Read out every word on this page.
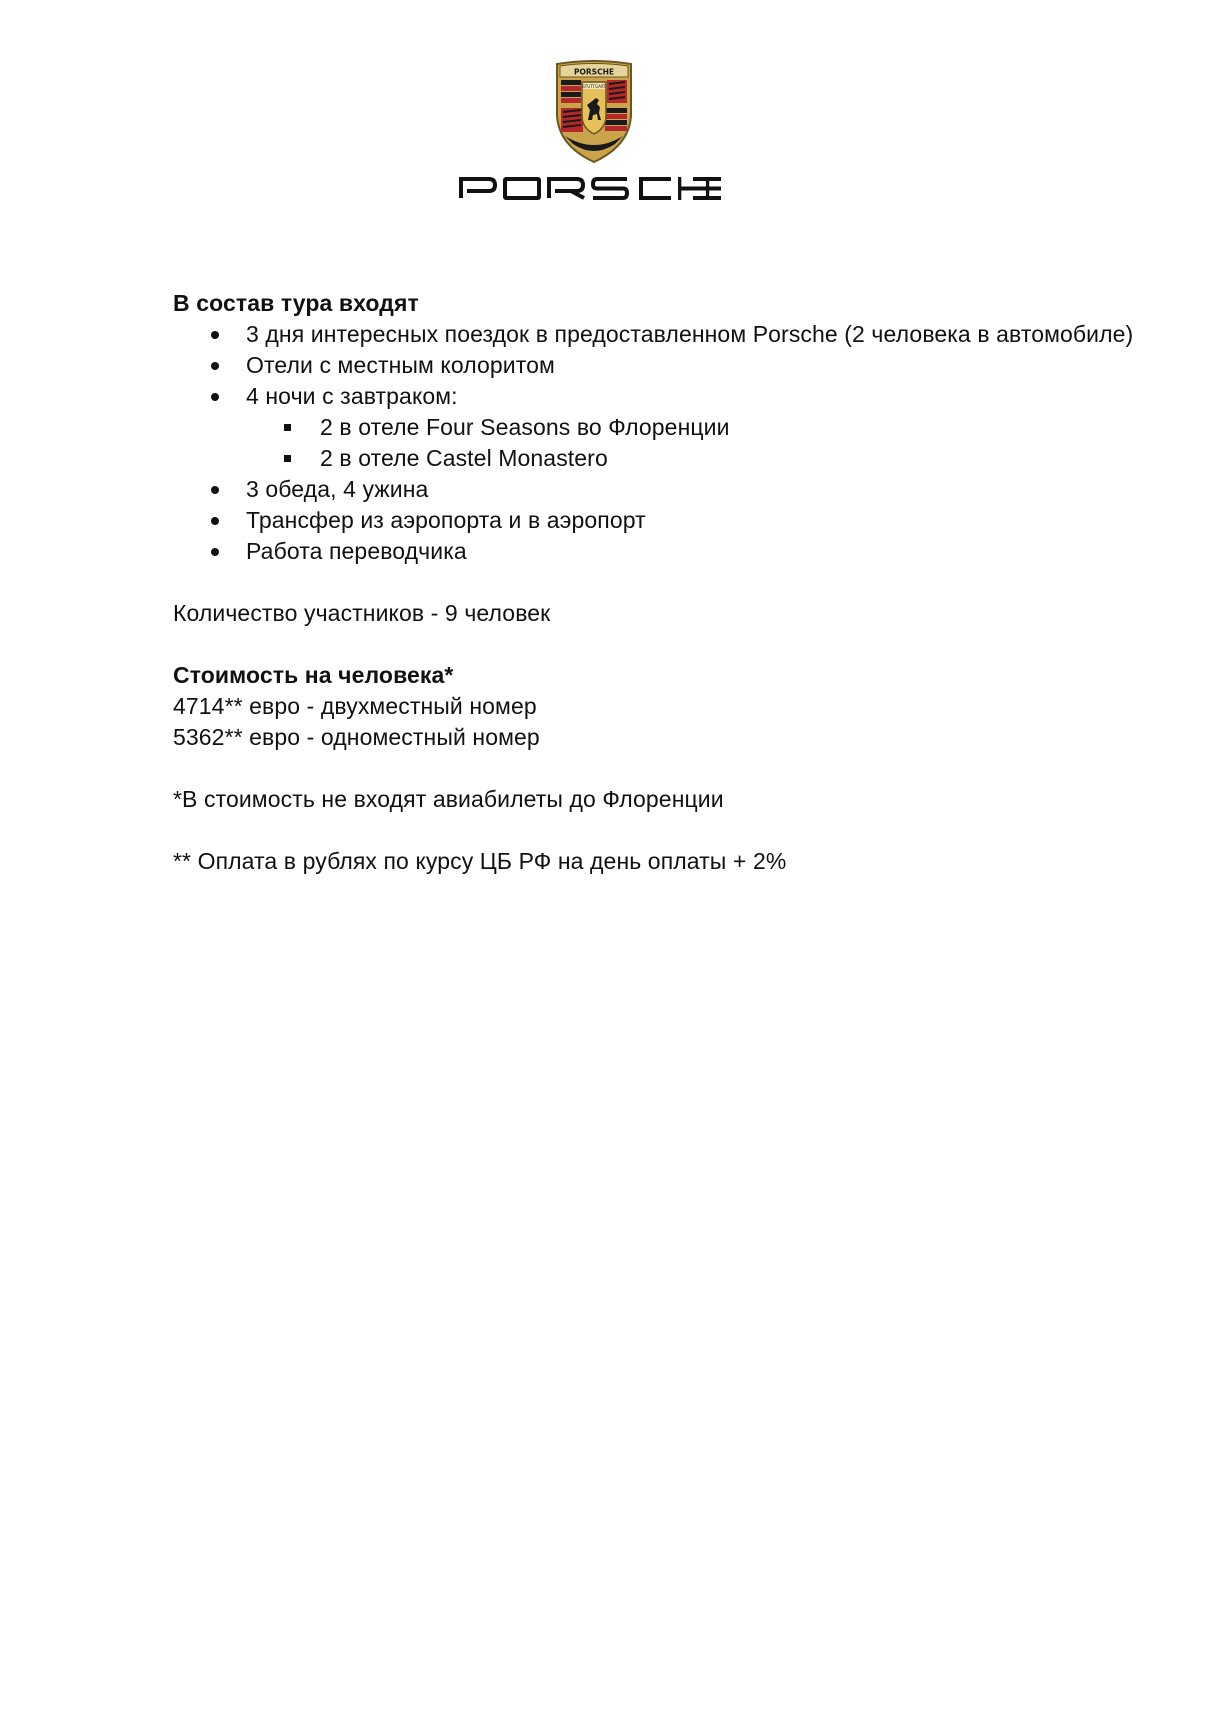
PORSCHE
STUTTGART

В состав тура входят

3 дня интересных поездок в предоставленном Porsche (2 человека в автомобиле)
Отели с местным колоритом
4 ночи с завтраком:
2 в отеле Four Seasons во Флоренции
2 в отеле Castel Monastero
3 обеда, 4 ужина
Трансфер из аэропорта и в аэропорт
Работа переводчика
Количество участников - 9 человек

Стоимость на человека*

4714** евро - двухместный номер
5362** евро - одноместный номер
*В стоимость не входят авиабилеты до Флоренции
** Оплата в рублях по курсу ЦБ РФ на день оплаты + 2%
